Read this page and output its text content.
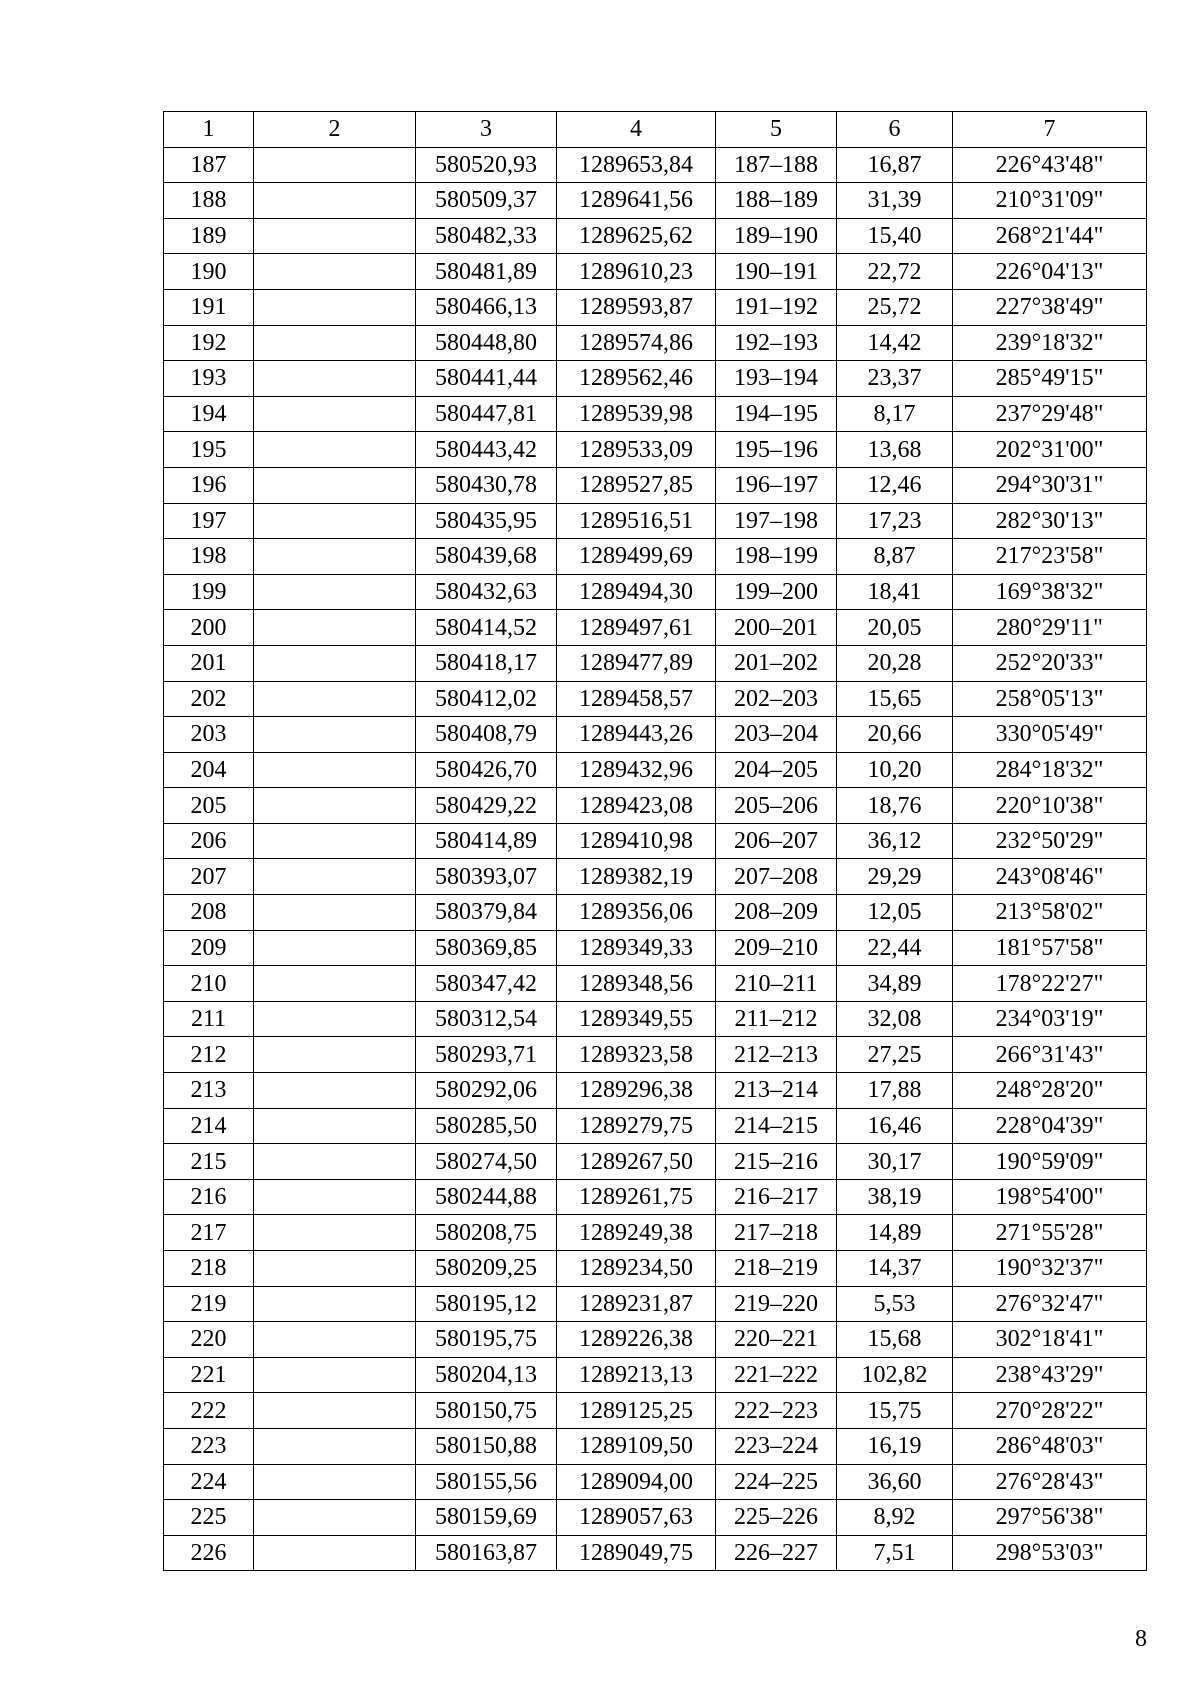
1	2	3	4	5	6	7
187		580520,93	1289653,84	187–188	16,87	226°43'48"
188		580509,37	1289641,56	188–189	31,39	210°31'09"
189		580482,33	1289625,62	189–190	15,40	268°21'44"
190		580481,89	1289610,23	190–191	22,72	226°04'13"
191		580466,13	1289593,87	191–192	25,72	227°38'49"
192		580448,80	1289574,86	192–193	14,42	239°18'32"
193		580441,44	1289562,46	193–194	23,37	285°49'15"
194		580447,81	1289539,98	194–195	8,17	237°29'48"
195		580443,42	1289533,09	195–196	13,68	202°31'00"
196		580430,78	1289527,85	196–197	12,46	294°30'31"
197		580435,95	1289516,51	197–198	17,23	282°30'13"
198		580439,68	1289499,69	198–199	8,87	217°23'58"
199		580432,63	1289494,30	199–200	18,41	169°38'32"
200		580414,52	1289497,61	200–201	20,05	280°29'11"
201		580418,17	1289477,89	201–202	20,28	252°20'33"
202		580412,02	1289458,57	202–203	15,65	258°05'13"
203		580408,79	1289443,26	203–204	20,66	330°05'49"
204		580426,70	1289432,96	204–205	10,20	284°18'32"
205		580429,22	1289423,08	205–206	18,76	220°10'38"
206		580414,89	1289410,98	206–207	36,12	232°50'29"
207		580393,07	1289382,19	207–208	29,29	243°08'46"
208		580379,84	1289356,06	208–209	12,05	213°58'02"
209		580369,85	1289349,33	209–210	22,44	181°57'58"
210		580347,42	1289348,56	210–211	34,89	178°22'27"
211		580312,54	1289349,55	211–212	32,08	234°03'19"
212		580293,71	1289323,58	212–213	27,25	266°31'43"
213		580292,06	1289296,38	213–214	17,88	248°28'20"
214		580285,50	1289279,75	214–215	16,46	228°04'39"
215		580274,50	1289267,50	215–216	30,17	190°59'09"
216		580244,88	1289261,75	216–217	38,19	198°54'00"
217		580208,75	1289249,38	217–218	14,89	271°55'28"
218		580209,25	1289234,50	218–219	14,37	190°32'37"
219		580195,12	1289231,87	219–220	5,53	276°32'47"
220		580195,75	1289226,38	220–221	15,68	302°18'41"
221		580204,13	1289213,13	221–222	102,82	238°43'29"
222		580150,75	1289125,25	222–223	15,75	270°28'22"
223		580150,88	1289109,50	223–224	16,19	286°48'03"
224		580155,56	1289094,00	224–225	36,60	276°28'43"
225		580159,69	1289057,63	225–226	8,92	297°56'38"
226		580163,87	1289049,75	226–227	7,51	298°53'03"
8
